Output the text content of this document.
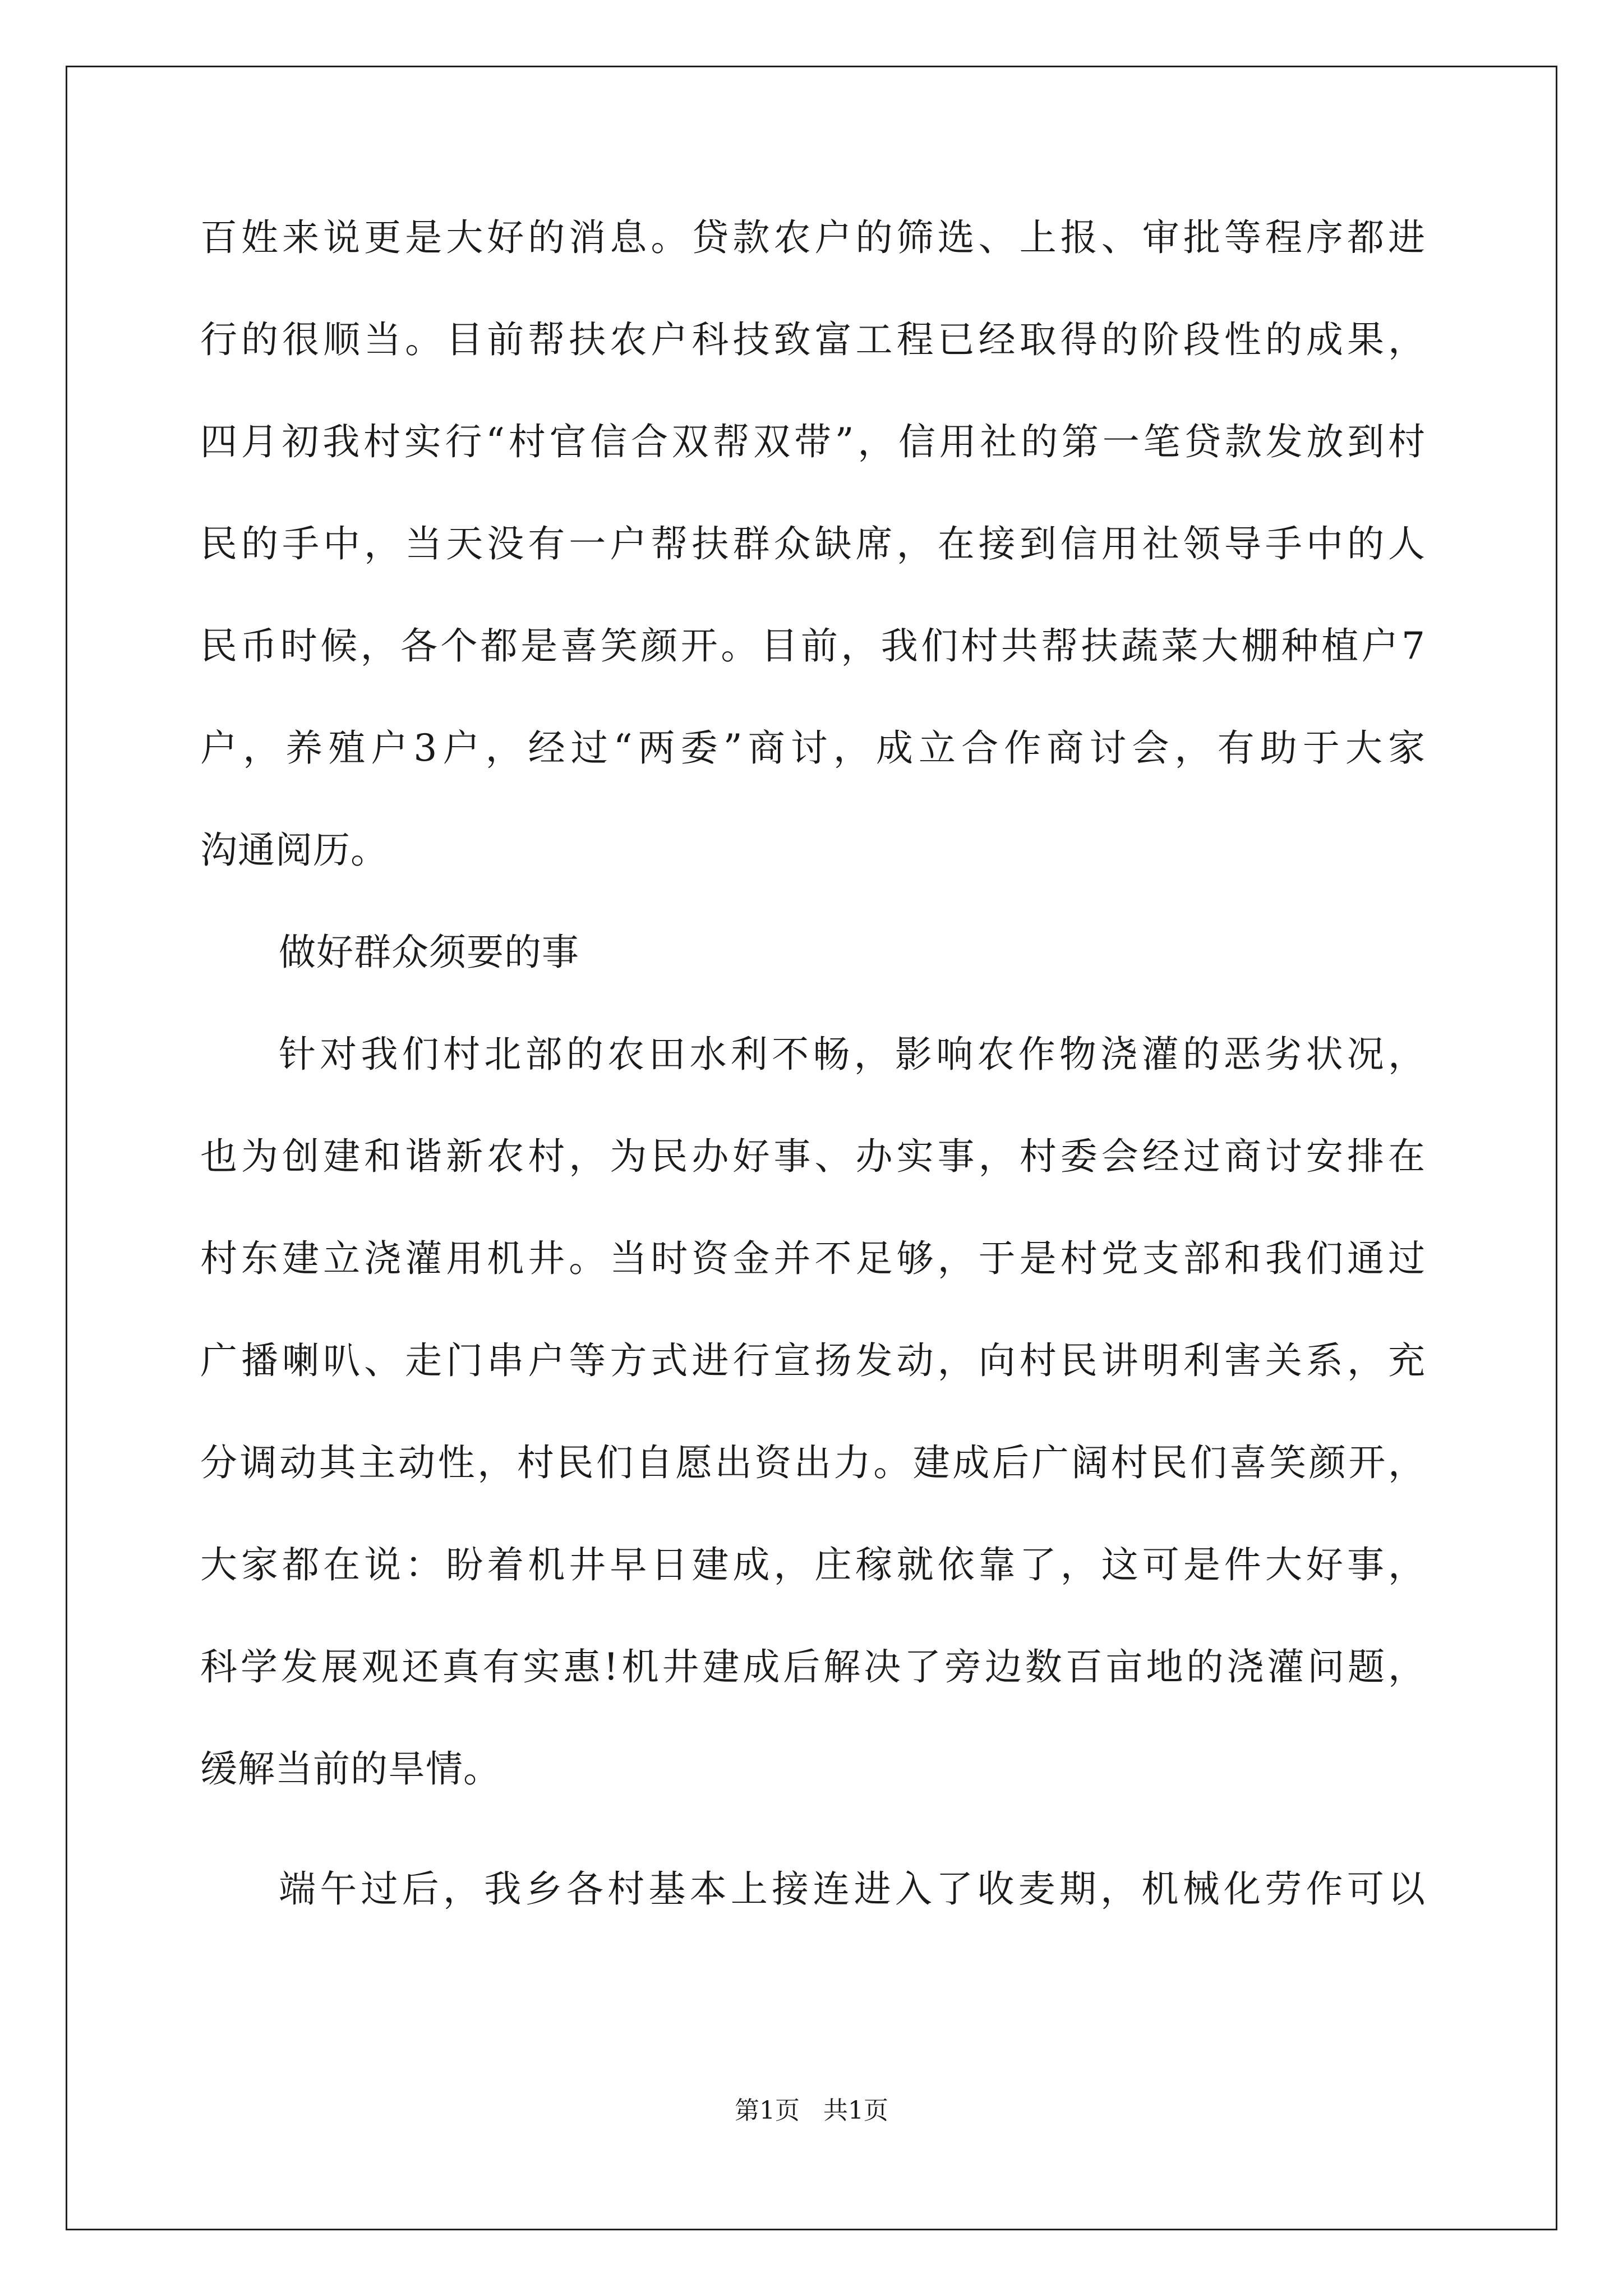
百姓来说更是大好的消息。贷款农户的筛选、上报、审批等程序都进
行的很顺当。目前帮扶农户科技致富工程已经取得的阶段性的成果，
四月初我村实行“村官信合双帮双带”，信用社的第一笔贷款发放到村
民的手中，当天没有一户帮扶群众缺席，在接到信用社领导手中的人
民币时候，各个都是喜笑颜开。目前，我们村共帮扶蔬菜大棚种植户7
户，养殖户3户，经过“两委”商讨，成立合作商讨会，有助于大家
沟通阅历。
做好群众须要的事
针对我们村北部的农田水利不畅，影响农作物浇灌的恶劣状况，
也为创建和谐新农村，为民办好事、办实事，村委会经过商讨安排在
村东建立浇灌用机井。当时资金并不足够，于是村党支部和我们通过
广播喇叭、走门串户等方式进行宣扬发动，向村民讲明利害关系，充
分调动其主动性，村民们自愿出资出力。建成后广阔村民们喜笑颜开，
大家都在说：盼着机井早日建成，庄稼就依靠了，这可是件大好事，
科学发展观还真有实惠!机井建成后解决了旁边数百亩地的浇灌问题，
缓解当前的旱情。
端午过后，我乡各村基本上接连进入了收麦期，机械化劳作可以
第1页   共1页
